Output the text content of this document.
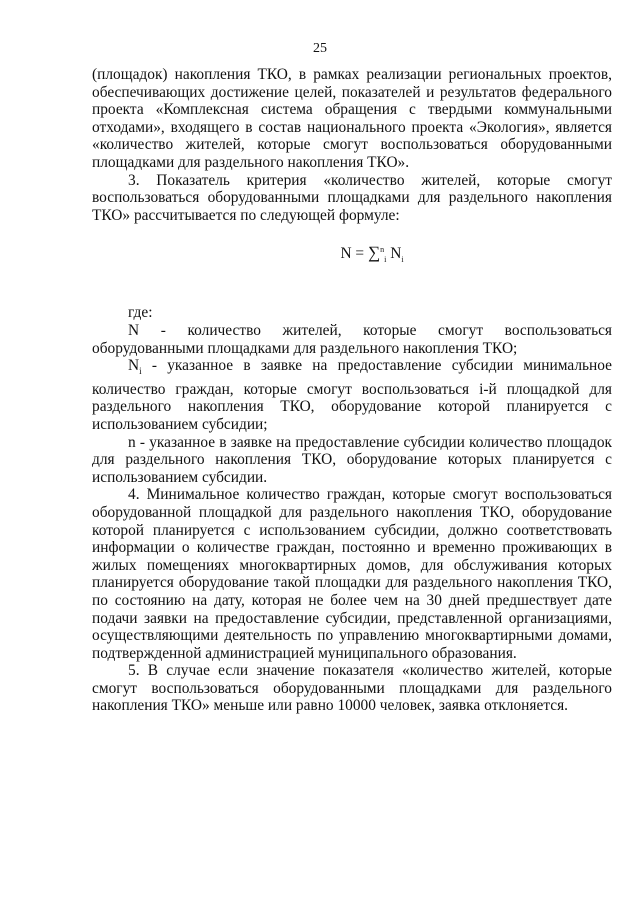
25

(площадок) накопления ТКО, в рамках реализации региональных проектов, обеспечивающих достижение целей, показателей и результатов федерального проекта «Комплексная система обращения с твердыми коммунальными отходами», входящего в состав национального проекта «Экология», является «количество жителей, которые смогут воспользоваться оборудованными площадками для раздельного накопления ТКО».

3. Показатель критерия «количество жителей, которые смогут воспользоваться оборудованными площадками для раздельного накопления ТКО» рассчитывается по следующей формуле:

N = ∑$^n_i$ $N_i$

где:

N - количество жителей, которые смогут воспользоваться оборудованными площадками для раздельного накопления ТКО;

$N_i$ - указанное в заявке на предоставление субсидии минимальное количество граждан, которые смогут воспользоваться i-й площадкой для раздельного накопления ТКО, оборудование которой планируется с использованием субсидии;

n - указанное в заявке на предоставление субсидии количество площадок для раздельного накопления ТКО, оборудование которых планируется с использованием субсидии.

4. Минимальное количество граждан, которые смогут воспользоваться оборудованной площадкой для раздельного накопления ТКО, оборудование которой планируется с использованием субсидии, должно соответствовать информации о количестве граждан, постоянно и временно проживающих в жилых помещениях многоквартирных домов, для обслуживания которых планируется оборудование такой площадки для раздельного накопления ТКО, по состоянию на дату, которая не более чем на 30 дней предшествует дате подачи заявки на предоставление субсидии, представленной организациями, осуществляющими деятельность по управлению многоквартирными домами, подтвержденной администрацией муниципального образования.

5. В случае если значение показателя «количество жителей, которые смогут воспользоваться оборудованными площадками для раздельного накопления ТКО» меньше или равно 10000 человек, заявка отклоняется.
